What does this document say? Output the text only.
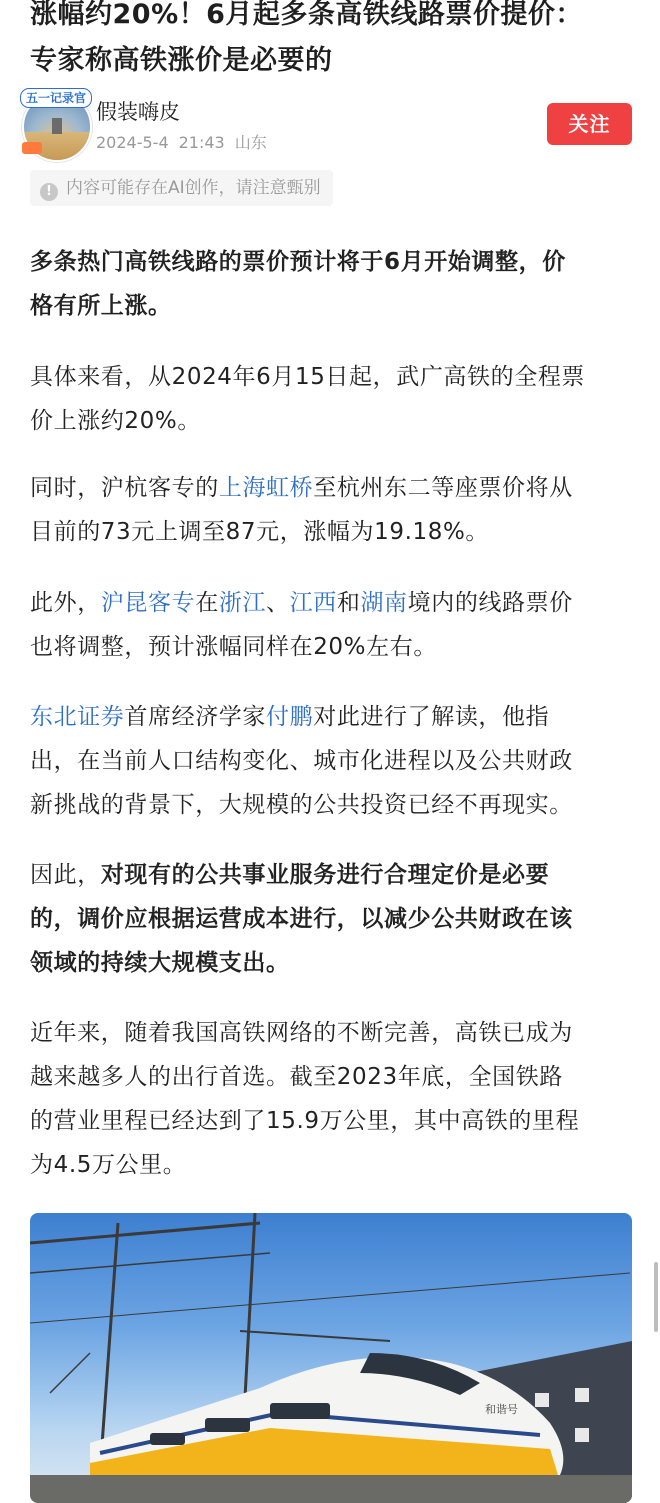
涨幅约20%！6月起多条高铁线路票价提价：
专家称高铁涨价是必要的
五一记录官
假装嗨皮
2024-5-4 21:43 山东
关注
! 内容可能存在AI创作，请注意甄别
多条热门高铁线路的票价预计将于6月开始调整，价
格有所上涨。
具体来看，从2024年6月15日起，武广高铁的全程票
价上涨约20%。
同时，沪杭客专的上海虹桥至杭州东二等座票价将从
目前的73元上调至87元，涨幅为19.18%。
此外，沪昆客专在浙江、江西和湖南境内的线路票价
也将调整，预计涨幅同样在20%左右。
东北证券首席经济学家付鹏对此进行了解读，他指
出，在当前人口结构变化、城市化进程以及公共财政
新挑战的背景下，大规模的公共投资已经不再现实。
因此，对现有的公共事业服务进行合理定价是必要
的，调价应根据运营成本进行，以减少公共财政在该
领域的持续大规模支出。
近年来，随着我国高铁网络的不断完善，高铁已成为
越来越多人的出行首选。截至2023年底，全国铁路
的营业里程已经达到了15.9万公里，其中高铁的里程
为4.5万公里。
和谐号
